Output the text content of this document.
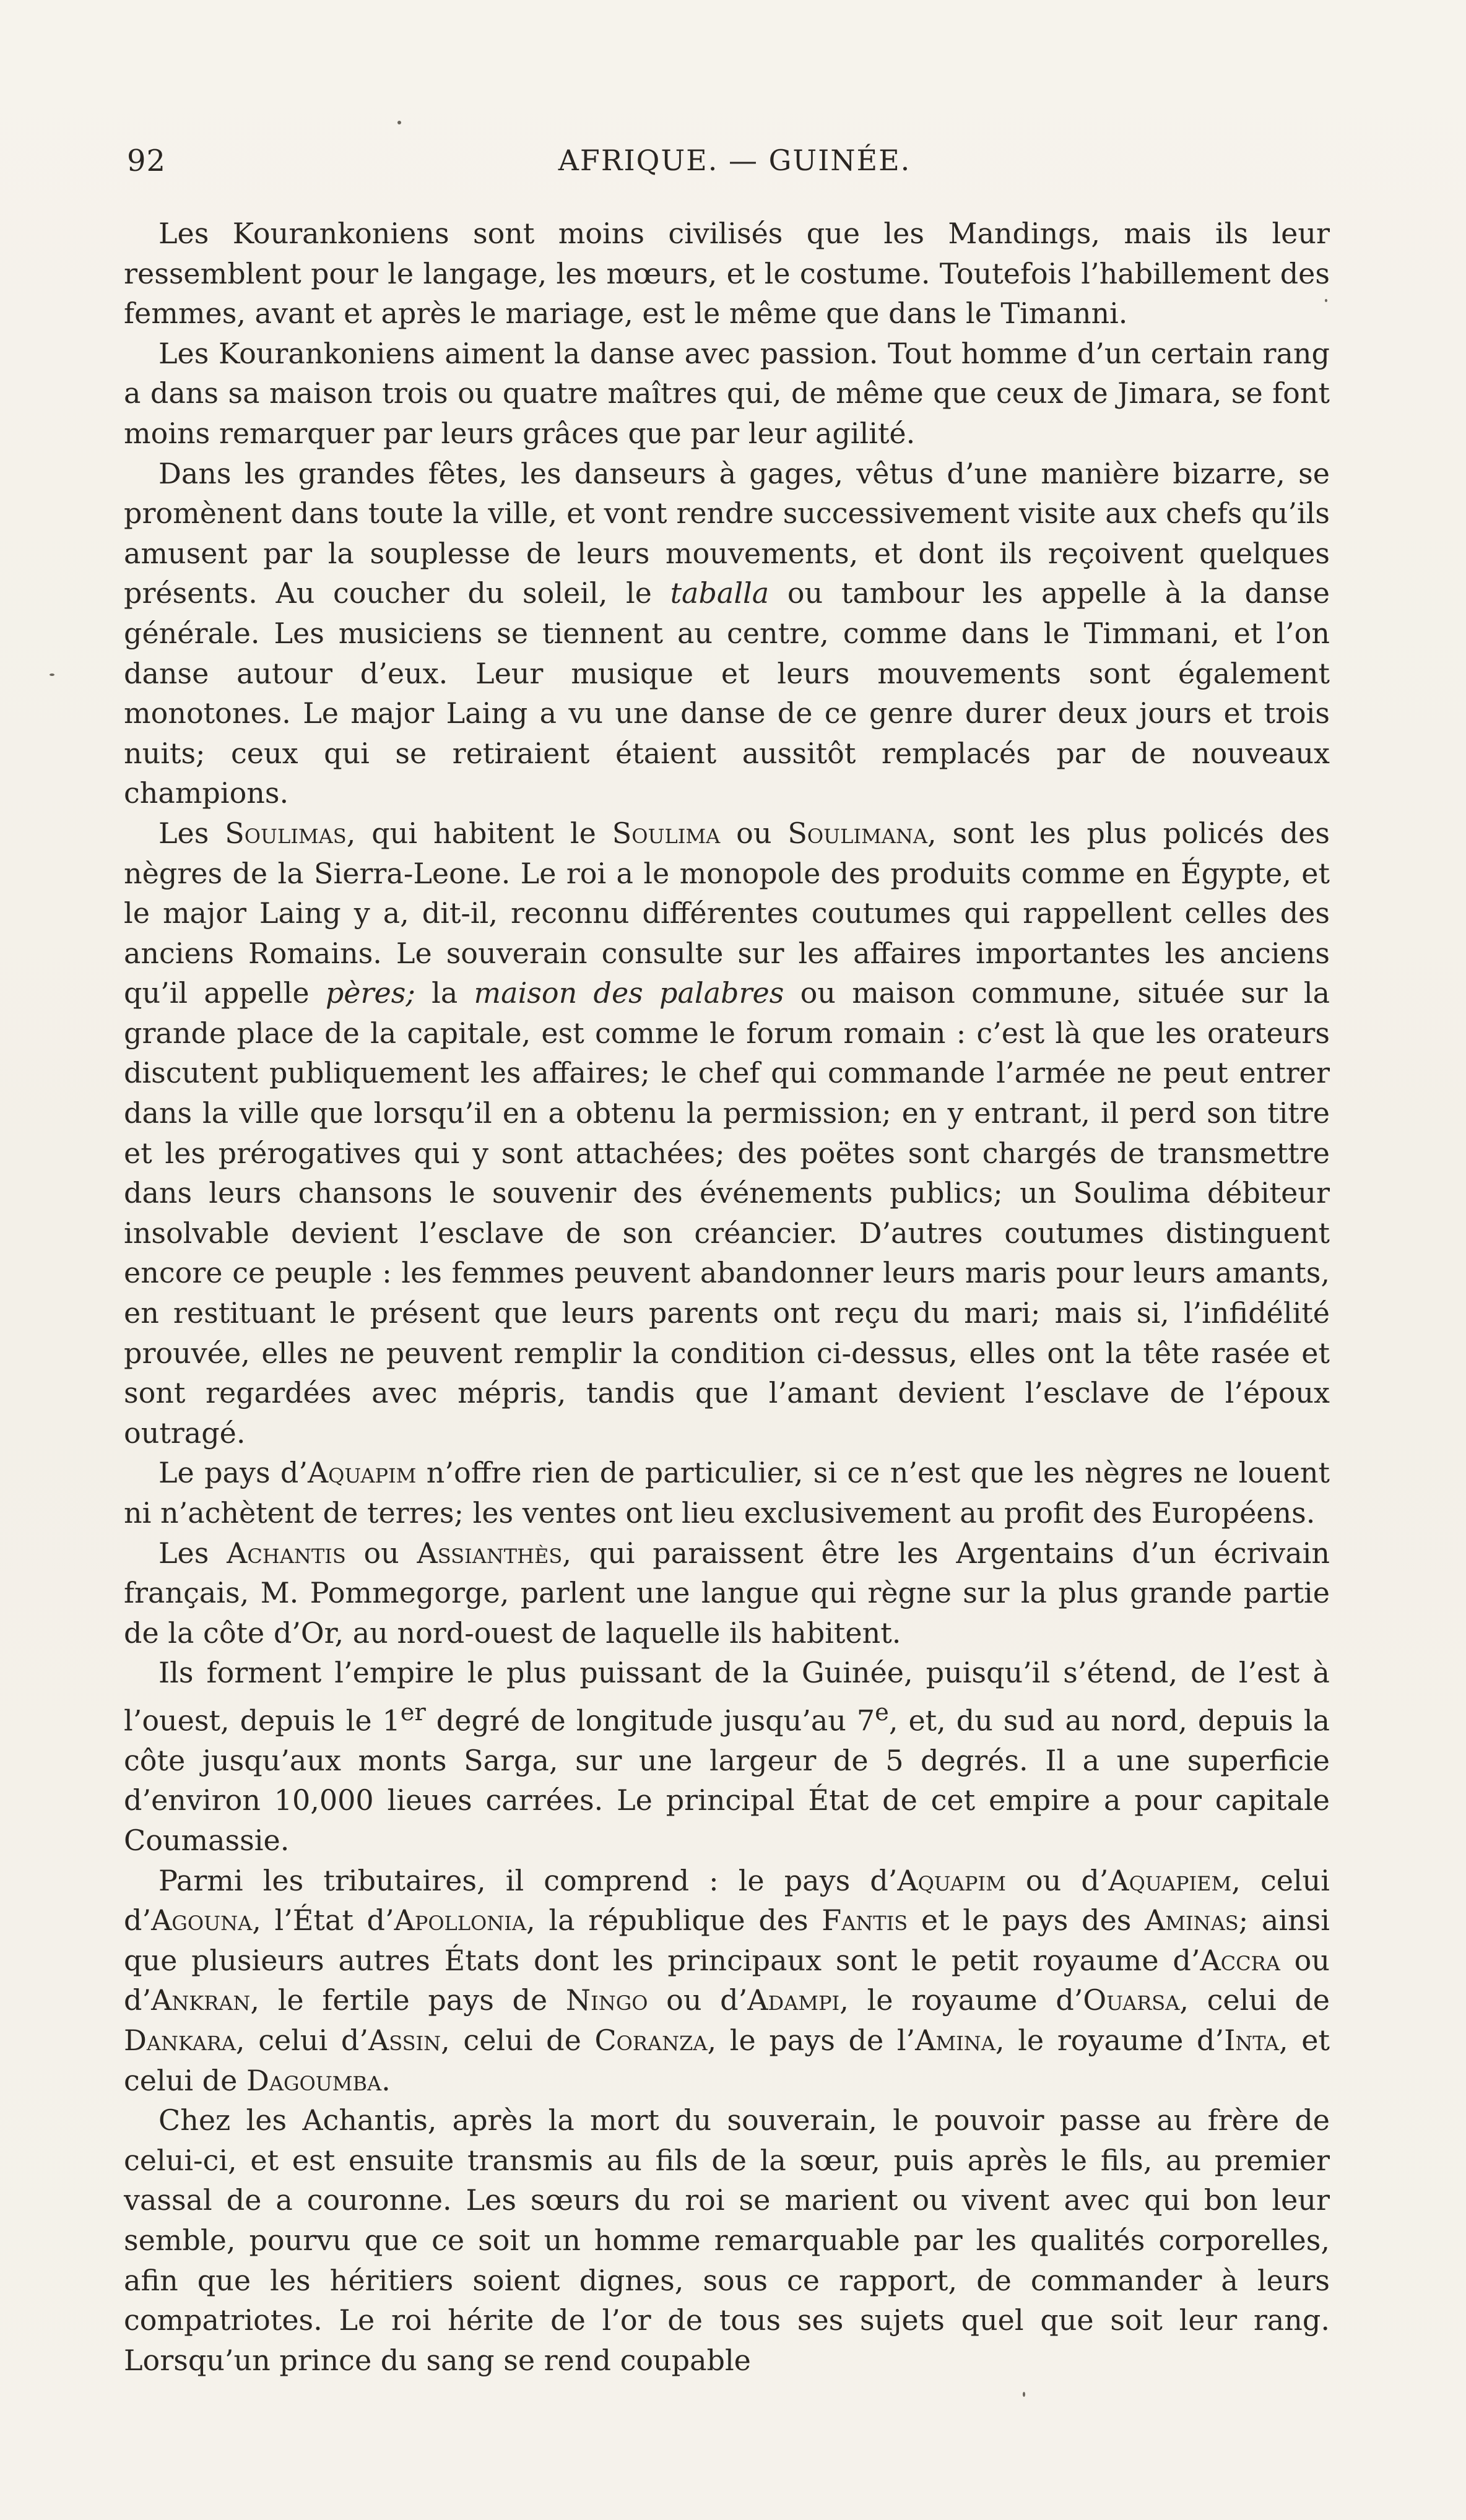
92	AFRIQUE. — GUINÉE.

Les Kourankoniens sont moins civilisés que les Mandings, mais ils leur ressemblent pour le langage, les mœurs, et le costume. Toutefois l’habillement des femmes, avant et après le mariage, est le même que dans le Timanni.

Les Kourankoniens aiment la danse avec passion. Tout homme d’un certain rang a dans sa maison trois ou quatre maîtres qui, de même que ceux de Jimara, se font moins remarquer par leurs grâces que par leur agilité.

Dans les grandes fêtes, les danseurs à gages, vêtus d’une manière bizarre, se promènent dans toute la ville, et vont rendre successivement visite aux chefs qu’ils amusent par la souplesse de leurs mouvements, et dont ils reçoivent quelques présents. Au coucher du soleil, le taballa ou tambour les appelle à la danse générale. Les musiciens se tiennent au centre, comme dans le Timmani, et l’on danse autour d’eux. Leur musique et leurs mouvements sont également monotones. Le major Laing a vu une danse de ce genre durer deux jours et trois nuits; ceux qui se retiraient étaient aussitôt remplacés par de nouveaux champions.

Les Soulimas, qui habitent le Soulima ou Soulimana, sont les plus policés des nègres de la Sierra-Leone. Le roi a le monopole des produits comme en Égypte, et le major Laing y a, dit-il, reconnu différentes coutumes qui rappellent celles des anciens Romains. Le souverain consulte sur les affaires importantes les anciens qu’il appelle pères; la maison des palabres ou maison commune, située sur la grande place de la capitale, est comme le forum romain : c’est là que les orateurs discutent publiquement les affaires; le chef qui commande l’armée ne peut entrer dans la ville que lorsqu’il en a obtenu la permission; en y entrant, il perd son titre et les prérogatives qui y sont attachées; des poëtes sont chargés de transmettre dans leurs chansons le souvenir des événements publics; un Soulima débiteur insolvable devient l’esclave de son créancier. D’autres coutumes distinguent encore ce peuple : les femmes peuvent abandonner leurs maris pour leurs amants, en restituant le présent que leurs parents ont reçu du mari; mais si, l’infidélité prouvée, elles ne peuvent remplir la condition ci-dessus, elles ont la tête rasée et sont regardées avec mépris, tandis que l’amant devient l’esclave de l’époux outragé.

Le pays d’Aquapim n’offre rien de particulier, si ce n’est que les nègres ne louent ni n’achètent de terres; les ventes ont lieu exclusivement au profit des Européens.

Les Achantis ou Assianthès, qui paraissent être les Argentains d’un écrivain français, M. Pommegorge, parlent une langue qui règne sur la plus grande partie de la côte d’Or, au nord-ouest de laquelle ils habitent.

Ils forment l’empire le plus puissant de la Guinée, puisqu’il s’étend, de l’est à l’ouest, depuis le 1er degré de longitude jusqu’au 7e, et, du sud au nord, depuis la côte jusqu’aux monts Sarga, sur une largeur de 5 degrés. Il a une superficie d’environ 10,000 lieues carrées. Le principal État de cet empire a pour capitale Coumassie.

Parmi les tributaires, il comprend : le pays d’Aquapim ou d’Aquapiem, celui d’Agouna, l’État d’Apollonia, la république des Fantis et le pays des Aminas; ainsi que plusieurs autres États dont les principaux sont le petit royaume d’Accra ou d’Ankran, le fertile pays de Ningo ou d’Adampi, le royaume d’Ouarsa, celui de Dankara, celui d’Assin, celui de Coranza, le pays de l’Amina, le royaume d’Inta, et celui de Dagoumba.

Chez les Achantis, après la mort du souverain, le pouvoir passe au frère de celui-ci, et est ensuite transmis au fils de la sœur, puis après le fils, au premier vassal de a couronne. Les sœurs du roi se marient ou vivent avec qui bon leur semble, pourvu que ce soit un homme remarquable par les qualités corporelles, afin que les héritiers soient dignes, sous ce rapport, de commander à leurs compatriotes. Le roi hérite de l’or de tous ses sujets quel que soit leur rang. Lorsqu’un prince du sang se rend coupable
